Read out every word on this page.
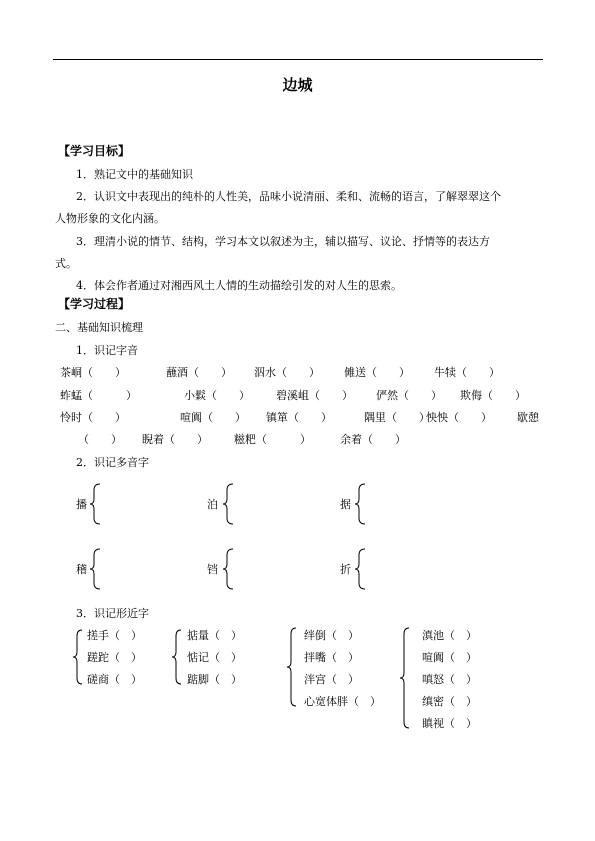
边城
【学习目标】
1．熟记文中的基础知识
2．认识文中表现出的纯朴的人性美，品味小说清丽、柔和、流畅的语言，了解翠翠这个
人物形象的文化内涵。
3．理清小说的情节、结构，学习本文以叙述为主，辅以描写、议论、抒情等的表达方
式。
4．体会作者通过对湘西风土人情的生动描绘引发的对人生的思索。
【学习过程】
二、基础知识梳理
1．识记字音
茶峒（　　）	蘸酒（　　） 泅水（　　） 傩送（　　） 牛犊（　　）
蚱蜢（　　　）	小鬏（　　） 碧溪岨（　　） 俨然（　　） 欺侮（　　）
怜时（　　）	喧阗（　　） 镇箪（　　）	隅里（　　）
怏怏（　　） 歇憩
（　　） 睨着（　　） 糍粑（　　　）	余着（　　）
2．识记多音字
播	泊	据
稽	铛	折
3．识记形近字
搓手（　）
蹉跎（　）
磋商（　）
掂量（　）
惦记（　）
踮脚（　）
绊倒（　）
拌嘴（　）
泮宫（　）
心宽体胖（　）
滇池（　）
喧阗（　）
嗔怒（　）
缜密（　）
瞋视（　）
